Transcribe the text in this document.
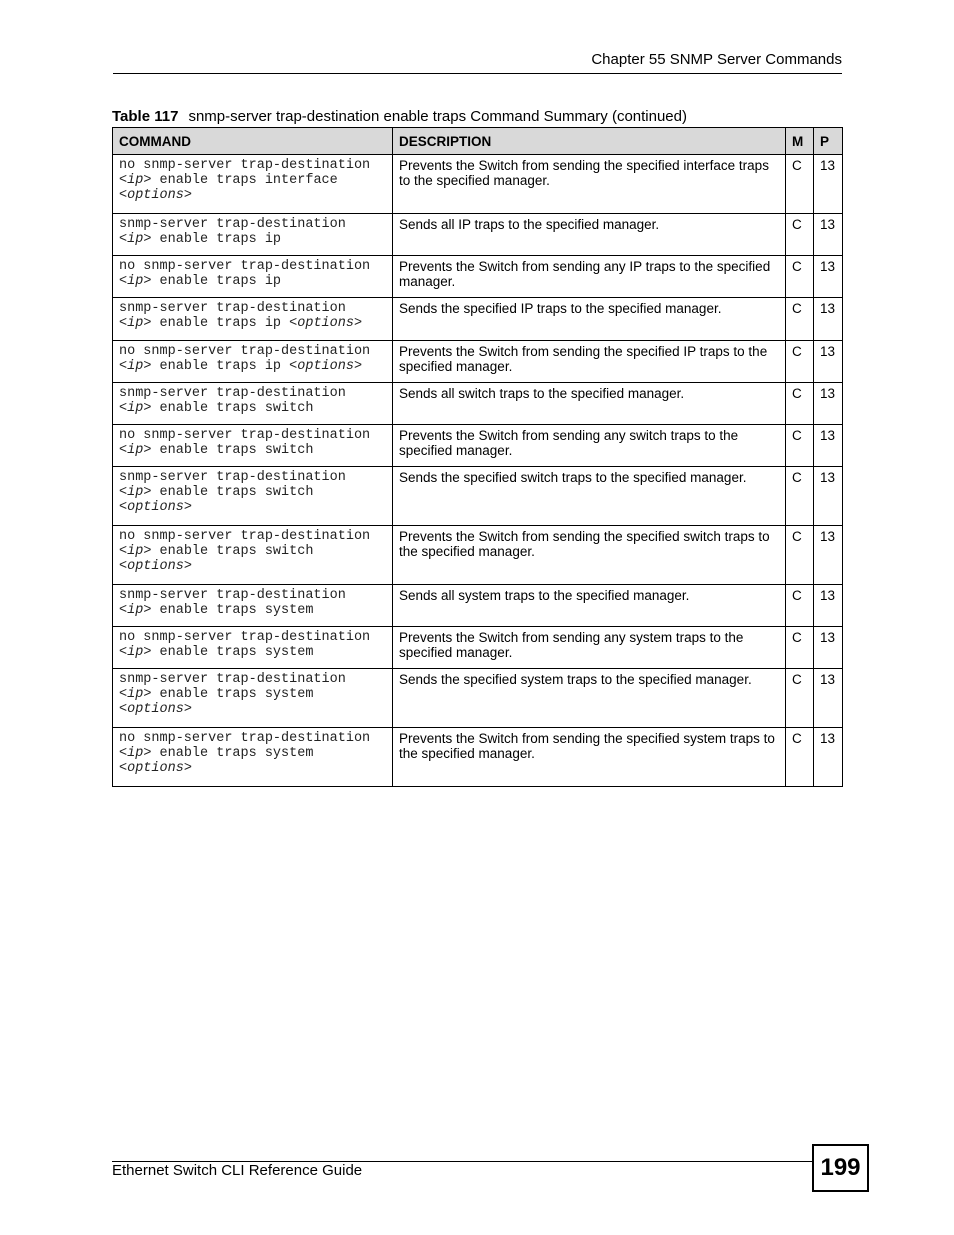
Chapter 55 SNMP Server Commands
Table 117 snmp-server trap-destination enable traps Command Summary (continued)
COMMAND	DESCRIPTION	M	P

no snmp-server trap-destination
<ip> enable traps interface
<options>	Prevents the Switch from sending the specified interface traps to the specified manager.	C	13

snmp-server trap-destination
<ip> enable traps ip	Sends all IP traps to the specified manager.	C	13

no snmp-server trap-destination
<ip> enable traps ip	Prevents the Switch from sending any IP traps to the specified manager.	C	13

snmp-server trap-destination
<ip> enable traps ip <options>	Sends the specified IP traps to the specified manager.	C	13

no snmp-server trap-destination
<ip> enable traps ip <options>	Prevents the Switch from sending the specified IP traps to the specified manager.	C	13

snmp-server trap-destination
<ip> enable traps switch	Sends all switch traps to the specified manager.	C	13

no snmp-server trap-destination
<ip> enable traps switch	Prevents the Switch from sending any switch traps to the specified manager.	C	13

snmp-server trap-destination
<ip> enable traps switch
<options>	Sends the specified switch traps to the specified manager.	C	13

no snmp-server trap-destination
<ip> enable traps switch
<options>	Prevents the Switch from sending the specified switch traps to the specified manager.	C	13

snmp-server trap-destination
<ip> enable traps system	Sends all system traps to the specified manager.	C	13

no snmp-server trap-destination
<ip> enable traps system	Prevents the Switch from sending any system traps to the specified manager.	C	13

snmp-server trap-destination
<ip> enable traps system
<options>	Sends the specified system traps to the specified manager.	C	13

no snmp-server trap-destination
<ip> enable traps system
<options>	Prevents the Switch from sending the specified system traps to the specified manager.	C	13
Ethernet Switch CLI Reference Guide	199
